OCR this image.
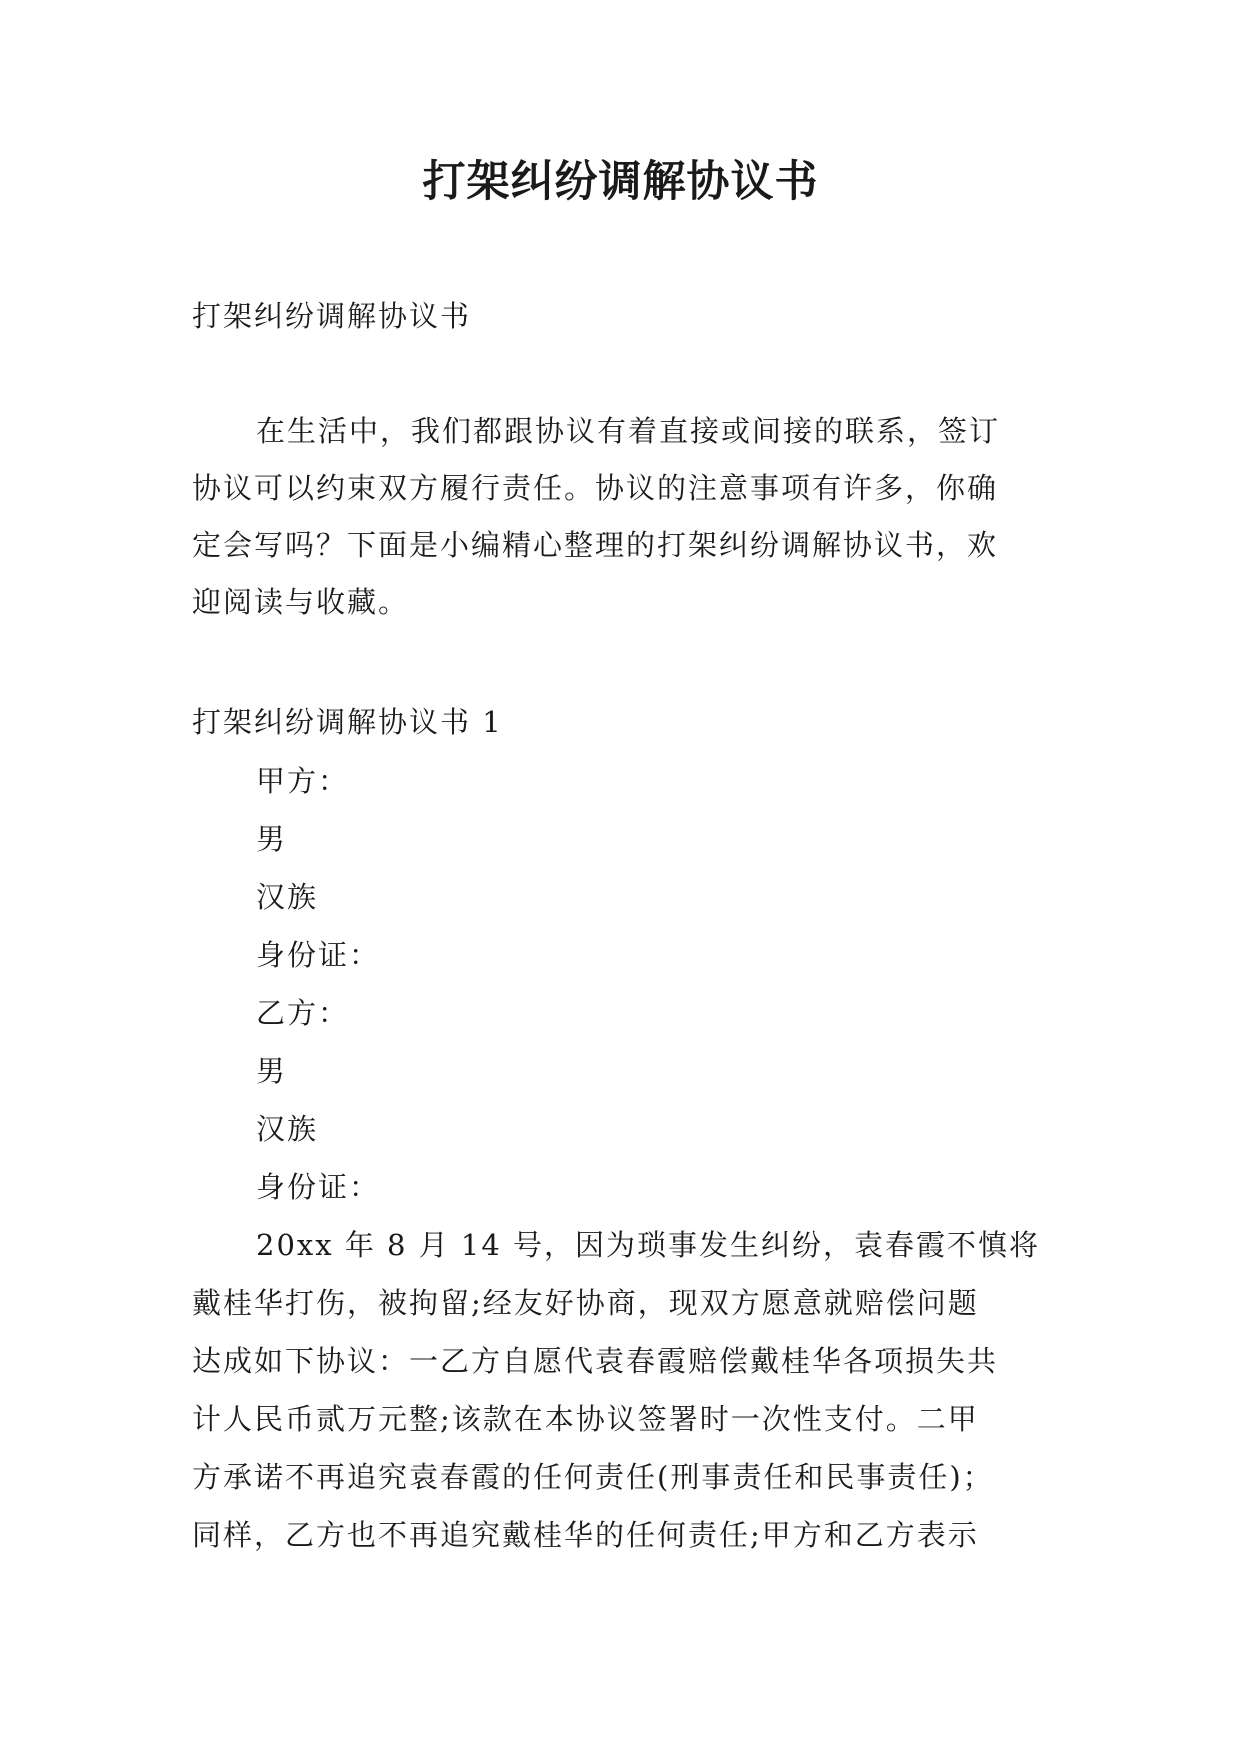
打架纠纷调解协议书
打架纠纷调解协议书
在生活中，我们都跟协议有着直接或间接的联系，签订
协议可以约束双方履行责任。协议的注意事项有许多，你确
定会写吗？下面是小编精心整理的打架纠纷调解协议书，欢
迎阅读与收藏。
打架纠纷调解协议书 1
甲方：
男
汉族
身份证：
乙方：
男
汉族
身份证：
20xx 年 8 月 14 号，因为琐事发生纠纷，袁春霞不慎将
戴桂华打伤，被拘留;经友好协商，现双方愿意就赔偿问题
达成如下协议：一乙方自愿代袁春霞赔偿戴桂华各项损失共
计人民币贰万元整;该款在本协议签署时一次性支付。二甲
方承诺不再追究袁春霞的任何责任(刑事责任和民事责任)；
同样，乙方也不再追究戴桂华的任何责任;甲方和乙方表示
